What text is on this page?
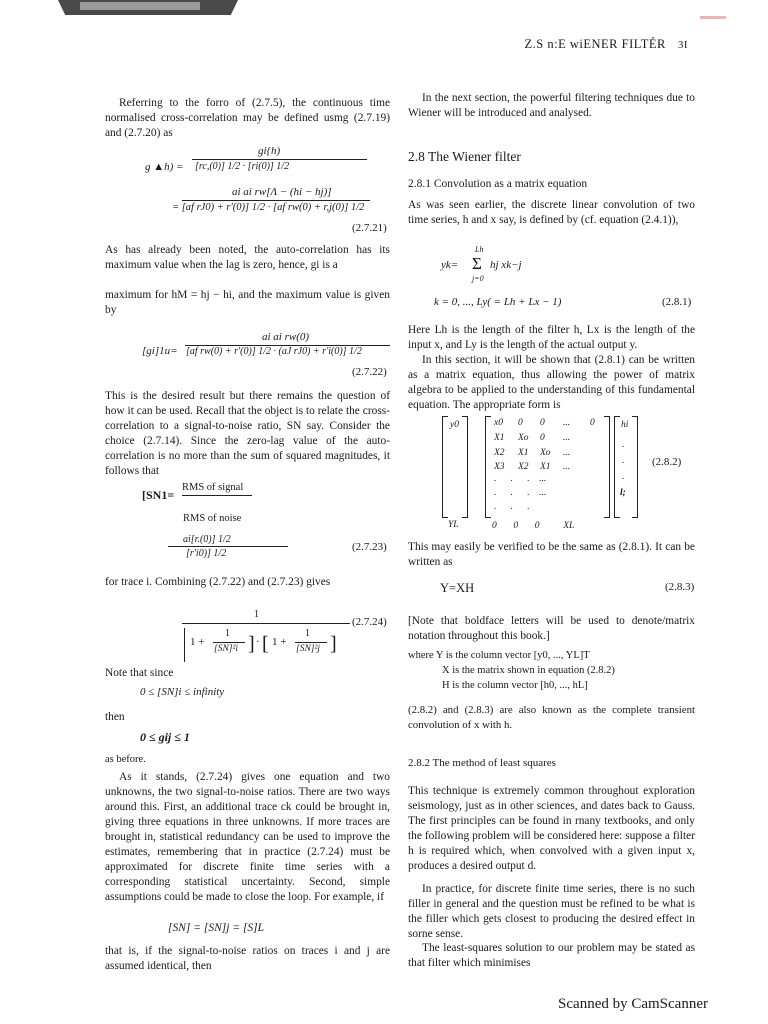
Z.S n:E wiENER FILTÉR 3I
Referring to the forro of (2.7.5), the continuous time normalised cross-correlation may be defined usmg (2.7.19) and (2.7.20) as
gi{h)
g ▲h) = [rc,(0)] 1/2 · [ri(0)] 1/2
ai ai rw[Λ − (hi − hj)]
= [af rJ0) + r'(0)] 1/2 · [af rw(0) + r,j(0)] 1/2
(2.7.21)
As has already been noted, the auto-correlation has its maximum value when the lag is zero, hence, gi is a
maximum for hM = hj − hi, and the maximum value is given by
ai ai rw(0)
[gi]1u= [af rw(0) + r'(0)] 1/2 · (aJ rJ0) + r'i(0)] 1/2
(2.7.22)
This is the desired result but there remains the question of how it can be used. Recall that the object is to relate the cross-correlation to a signal-to-noise ratio, SN say. Consider the choice (2.7.14). Since the zero-lag value of the auto-correlation is no more than the sum of squared magnitudes, it follows that
[SN1=
RMS of signal
RMS of noise
ai[r.(0)] 1/2
[r'i0)] 1/2
(2.7.23)
for trace i. Combining (2.7.22) and (2.7.23) gives
1
1 +
1
[SN]²i ] · [ 1 +
1
[SN]²j ]
(2.7.24)
Note that since
0 ≤ [SN]i ≤ infinity
then
0 ≤ gij ≤ 1
as before.
As it stands, (2.7.24) gives one equation and two unknowns, the two signal-to-noise ratios. There are two ways around this. First, an additional trace ck could be brought in, giving three equations in three unknowns. If more traces are brought in, statistical redundancy can be used to improve the estimates, remembering that in practice (2.7.24) must be approximated for discrete finite time series with a corresponding statistical uncertainty. Second, simple assumptions could be made to close the loop. For example, if
[SN] = [SN]j = [S]L
that is, if the signal-to-noise ratios on traces i and j are assumed identical, then
In the next section, the powerful filtering techniques due to Wiener will be introduced and analysed.
2.8 The Wiener filter
2.8.1 Convolution as a matrix equation
As was seen earlier, the discrete linear convolution of two time series, h and x say, is defined by (cf. equation (2.4.1)),
yk=
Lh
Σ
j=0
hj xk−j
k = 0, ..., Ly( = Lh + Lx − 1)	(2.8.1)
Here Lh is the length of the filter h, Lx is the length of the input x, and Ly is the length of the actual output y.
In this section, it will be shown that (2.8.1) can be written as a matrix equation, thus allowing the power of matrix algebra to be applied to the understanding of this fundamental equation. The appropriate form is
y0
YL
x0 0 0 ... 0
X1 Xo 0 ...
X2 X1 Xo ...
X3 X2 X1 ...
.      .      .    ...
.      .      .    ...
.      .      .
0 0 0	XL
hi
.
.
.
l;
(2.8.2)
This may easily be verified to be the same as (2.8.1). It can be written as
Y=XH	(2.8.3)
[Note that boldface letters will be used to denote/matrix notation throughout this book.]
where Y is the column vector [y0, ..., YL]T
X is the matrix shown in equation (2.8.2)
H is the column vector [h0, ..., hL]
(2.8.2) and (2.8.3) are also known as the complete transient convolution of x with h.
2.8.2 The method of least squares
This technique is extremely common throughout exploration seismology, just as in other sciences, and dates back to Gauss. The first principles can be found in rnany textbooks, and only the following problem will be considered here: suppose a filter h is required which, when convolved with a given input x, produces a desired output d.
In practice, for discrete finite time series, there is no such filler in general and the question must be refined to be what is the filler which gets closest to producing the desired effect in sorne sense.
The least-squares solution to our problem may be stated as that filter which minimises
Scanned by CamScanner
